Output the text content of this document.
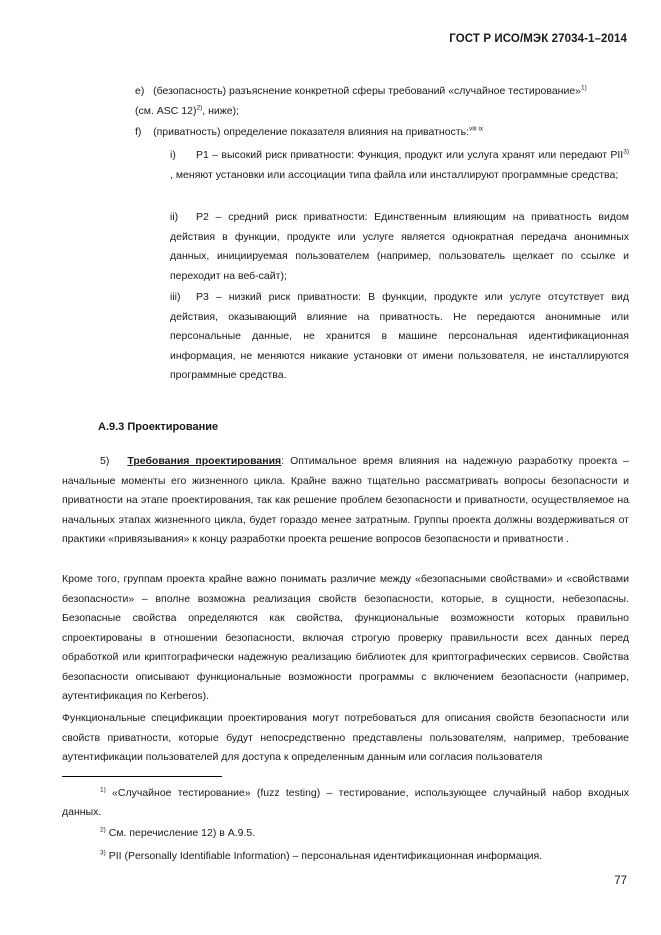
ГОСТ Р ИСО/МЭК 27034-1–2014

e) (безопасность) разъяснение конкретной сферы требований «случайное тестирование»$^{1)}$
(см. ASC 12)$^{2)}$, ниже);

f) (приватность) определение показателя влияния на приватность:$^{viii ix}$

i) P1 – высокий риск приватности: Функция, продукт или услуга хранят или передают PII$^{3)}$ , меняют установки или ассоциации типа файла или инсталлируют программные средства;

ii) P2 – средний риск приватности: Единственным влияющим на приватность видом действия в функции, продукте или услуге является однократная передача анонимных данных, инициируемая пользователем (например, пользователь щелкает по ссылке и переходит на веб-сайт);

iii) P3 – низкий риск приватности: В функции, продукте или услуге отсутствует вид действия, оказывающий влияние на приватность. Не передаются анонимные или персональные данные, не хранится в машине персональная идентификационная информация, не меняются никакие установки от имени пользователя, не инсталлируются программные средства.

A.9.3 Проектирование

5) Требования проектирования: Оптимальное время влияния на надежную разработку проекта – начальные моменты его жизненного цикла. Крайне важно тщательно рассматривать вопросы безопасности и приватности на этапе проектирования, так как решение проблем безопасности и приватности, осуществляемое на начальных этапах жизненного цикла, будет гораздо менее затратным. Группы проекта должны воздерживаться от практики «привязывания» к концу разработки проекта решение вопросов безопасности и приватности .

Кроме того, группам проекта крайне важно понимать различие между «безопасными свойствами» и «свойствами безопасности» – вполне возможна реализация свойств безопасности, которые, в сущности, небезопасны. Безопасные свойства определяются как свойства, функциональные возможности которых правильно спроектированы в отношении безопасности, включая строгую проверку правильности всех данных перед обработкой или криптографически надежную реализацию библиотек для криптографических сервисов. Свойства безопасности описывают функциональные возможности программы с включением безопасности (например, аутентификация по Kerberos).

Функциональные спецификации проектирования могут потребоваться для описания свойств безопасности или свойств приватности, которые будут непосредственно представлены пользователям, например, требование аутентификации пользователей для доступа к определенным данным или согласия пользователя

$^{1)}$ «Случайное тестирование» (fuzz testing) – тестирование, использующее случайный набор входных данных.
$^{2)}$ См. перечисление 12) в A.9.5.
$^{3)}$ PII (Personally Identifiable Information) – персональная идентификационная информация.
77
